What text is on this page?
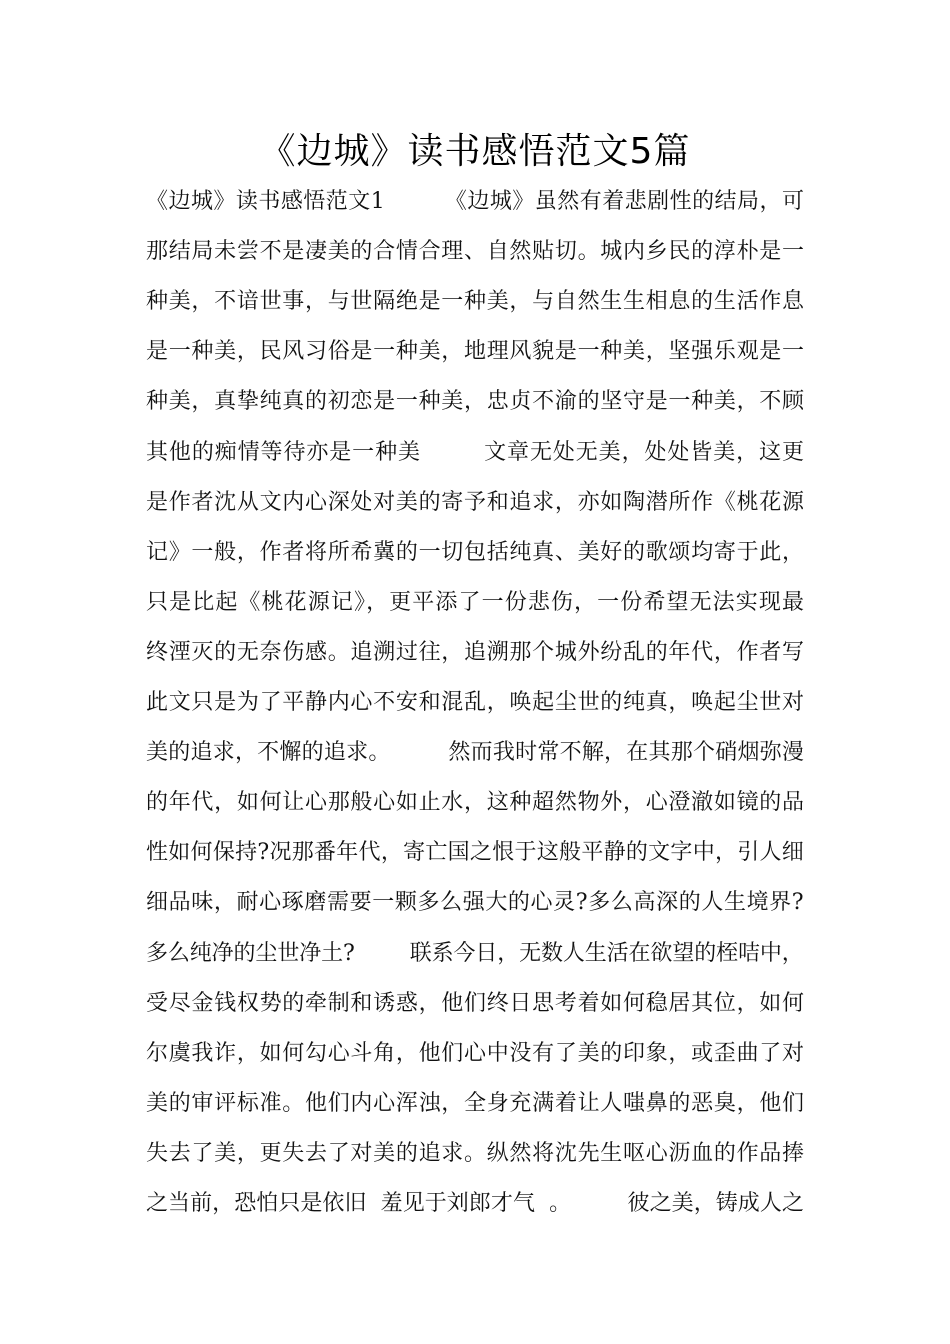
《边城》读书感悟范文5篇
《边城》读书感悟范文1        《边城》虽然有着悲剧性的结局，可
那结局未尝不是凄美的合情合理、自然贴切。城内乡民的淳朴是一
种美，不谙世事，与世隔绝是一种美，与自然生生相息的生活作息
是一种美，民风习俗是一种美，地理风貌是一种美，坚强乐观是一
种美，真挚纯真的初恋是一种美，忠贞不渝的坚守是一种美，不顾
其他的痴情等待亦是一种美        文章无处无美，处处皆美，这更
是作者沈从文内心深处对美的寄予和追求，亦如陶潜所作《桃花源
记》一般，作者将所希冀的一切包括纯真、美好的歌颂均寄于此，
只是比起《桃花源记》，更平添了一份悲伤，一份希望无法实现最
终湮灭的无奈伤感。追溯过往，追溯那个城外纷乱的年代，作者写
此文只是为了平静内心不安和混乱，唤起尘世的纯真，唤起尘世对
美的追求，不懈的追求。        然而我时常不解，在其那个硝烟弥漫
的年代，如何让心那般心如止水，这种超然物外，心澄澈如镜的品
性如何保持?况那番年代，寄亡国之恨于这般平静的文字中，引人细
细品味，耐心琢磨需要一颗多么强大的心灵?多么高深的人生境界?
多么纯净的尘世净土?        联系今日，无数人生活在欲望的桎咭中，
受尽金钱权势的牵制和诱惑，他们终日思考着如何稳居其位，如何
尔虞我诈，如何勾心斗角，他们心中没有了美的印象，或歪曲了对
美的审评标准。他们内心浑浊，全身充满着让人嗤鼻的恶臭，他们
失去了美，更失去了对美的追求。纵然将沈先生呕心沥血的作品捧
之当前，恐怕只是依旧  羞见于刘郎才气  。        彼之美，铸成人之
